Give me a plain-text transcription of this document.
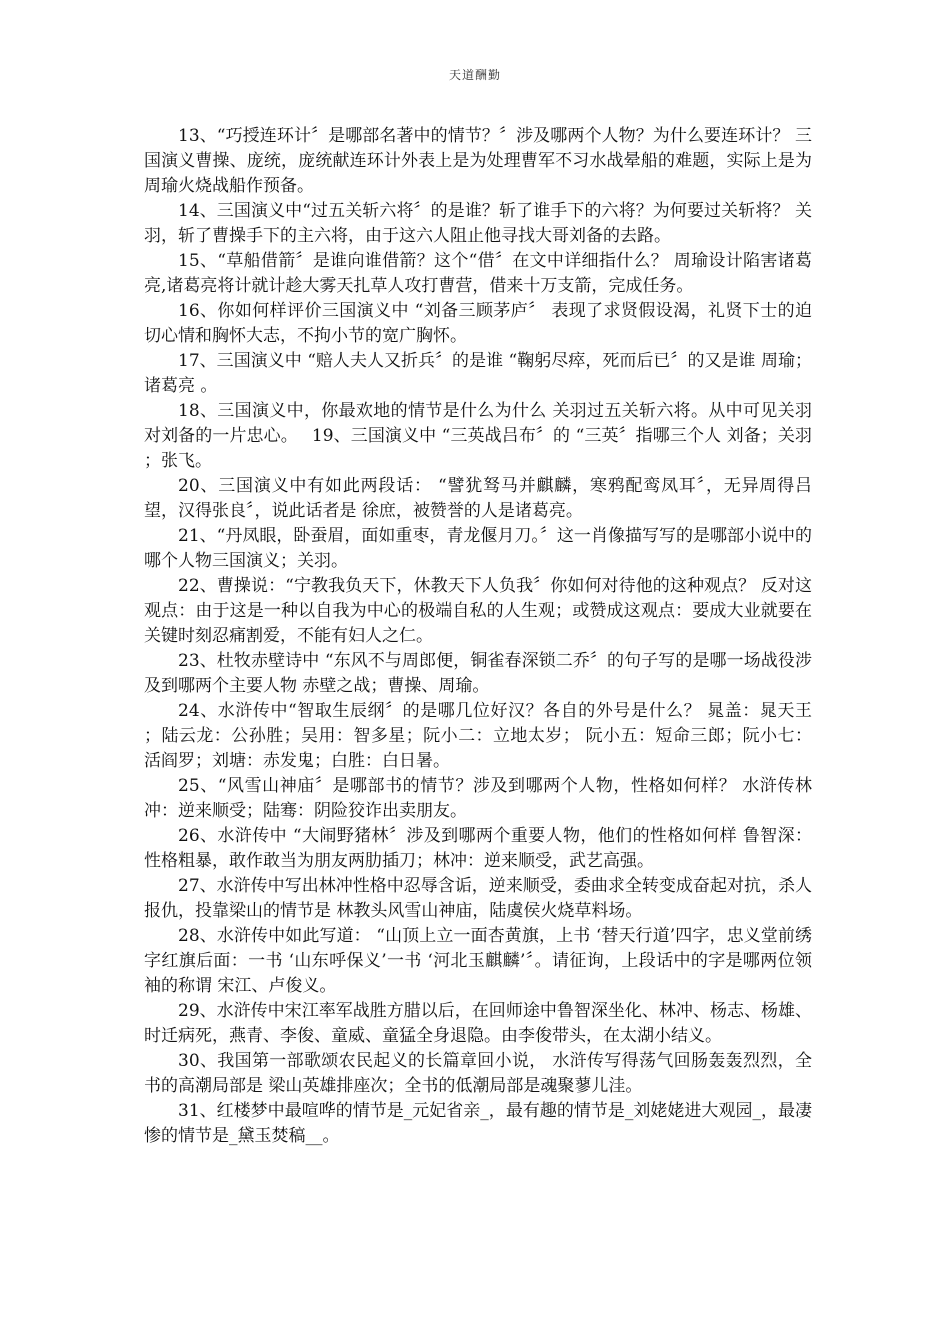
天道酬勤

13、“巧授连环计〞是哪部名著中的情节？〞涉及哪两个人物？为什么要连环计？ 三国演义曹操、庞统，庞统献连环计外表上是为处理曹军不习水战晕船的难题，实际上是为周瑜火烧战船作预备。

14、三国演义中“过五关斩六将〞的是谁？斩了谁手下的六将？为何要过关斩将？ 关羽，斩了曹操手下的主六将，由于这六人阻止他寻找大哥刘备的去路。

15、“草船借箭〞是谁向谁借箭？这个“借〞在文中详细指什么？ 周瑜设计陷害诸葛亮,诸葛亮将计就计趁大雾天扎草人攻打曹营，借来十万支箭，完成任务。

16、你如何样评价三国演义中 “刘备三顾茅庐〞 表现了求贤假设渴，礼贤下士的迫切心情和胸怀大志，不拘小节的宽广胸怀。

17、三国演义中 “赔人夫人又折兵〞的是谁 “鞠躬尽瘁，死而后已〞的又是谁 周瑜；诸葛亮 。

18、三国演义中，你最欢地的情节是什么为什么 关羽过五关斩六将。从中可见关羽对刘备的一片忠心。　 19、三国演义中 “三英战吕布〞的 “三英〞指哪三个人 刘备；关羽 ；张飞。

20、三国演义中有如此两段话： “譬犹驽马并麒麟，寒鸦配鸾凤耳〞，无异周得吕望，汉得张良〞，说此话者是 徐庶，被赞誉的人是诸葛亮。

21、“丹凤眼，卧蚕眉，面如重枣，青龙偃月刀。〞这一肖像描写写的是哪部小说中的哪个人物三国演义；关羽。

22、曹操说：“宁教我负天下，休教天下人负我〞你如何对待他的这种观点？ 反对这观点：由于这是一种以自我为中心的极端自私的人生观；或赞成这观点：要成大业就要在关键时刻忍痛割爱，不能有妇人之仁。

23、杜牧赤壁诗中 “东风不与周郎便，铜雀春深锁二乔〞的句子写的是哪一场战役涉及到哪两个主要人物 赤壁之战；曹操、周瑜。

24、水浒传中“智取生辰纲〞的是哪几位好汉？各自的外号是什么？ 晁盖：晁天王 ；陆云龙：公孙胜；吴用：智多星；阮小二：立地太岁； 阮小五：短命三郎；阮小七：活阎罗；刘塘：赤发鬼；白胜：白日暑。

25、“风雪山神庙〞是哪部书的情节？涉及到哪两个人物，性格如何样？ 水浒传林冲：逆来顺受；陆骞：阴险狡诈出卖朋友。

26、水浒传中 “大闹野猪林〞涉及到哪两个重要人物，他们的性格如何样 鲁智深：性格粗暴，敢作敢当为朋友两肋插刀；林冲：逆来顺受，武艺高强。

27、水浒传中写出林冲性格中忍辱含诟，逆来顺受，委曲求全转变成奋起对抗，杀人报仇，投靠梁山的情节是 林教头风雪山神庙，陆虞侯火烧草料场。

28、水浒传中如此写道： “山顶上立一面杏黄旗，上书 ‘替天行道’四字，忠义堂前绣字红旗后面：一书 ‘山东呼保义’一书 ‘河北玉麒麟’〞。请征询，上段话中的字是哪两位领袖的称谓 宋江、卢俊义。

29、水浒传中宋江率军战胜方腊以后，在回师途中鲁智深坐化、林冲、杨志、杨雄、时迁病死，燕青、李俊、童威、童猛全身退隐。由李俊带头，在太湖小结义。

30、我国第一部歌颂农民起义的长篇章回小说， 水浒传写得荡气回肠轰轰烈烈，全书的高潮局部是 梁山英雄排座次；全书的低潮局部是魂聚蓼儿洼。

31、红楼梦中最喧哗的情节是_元妃省亲_，最有趣的情节是_刘姥姥进大观园_，最凄惨的情节是_黛玉焚稿__。
